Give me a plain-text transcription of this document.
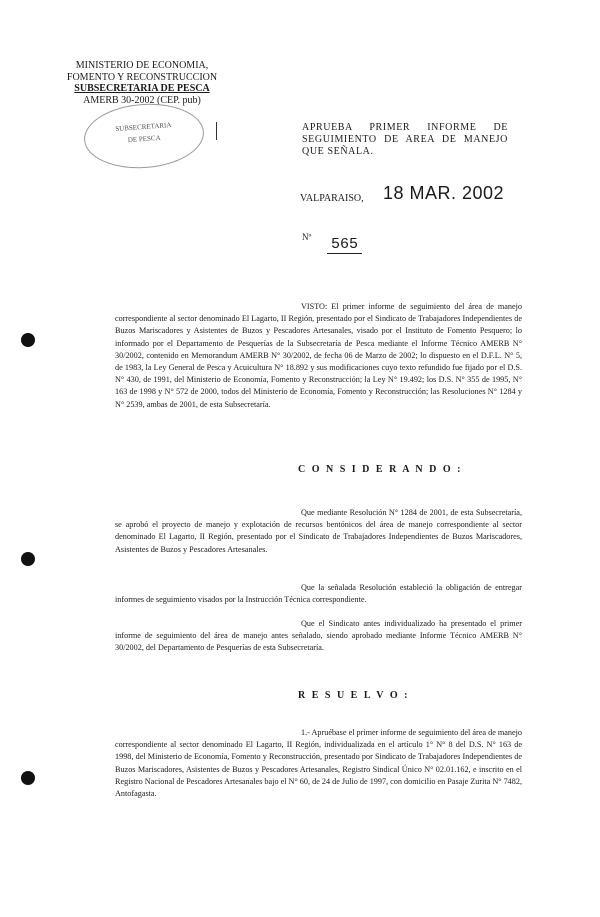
MINISTERIO DE ECONOMIA,
FOMENTO Y RECONSTRUCCION
SUBSECRETARIA DE PESCA
AMERB 30-2002 (CEP. pub)
SUBSECRETARIA
DE PESCA
APRUEBA PRIMER INFORME DE SEGUIMIENTO DE AREA DE MANEJO QUE SEÑALA.
VALPARAISO, 18 MAR. 2002
Nº 565
VISTO: El primer informe de seguimiento del área de manejo correspondiente al sector denominado El Lagarto, II Región, presentado por el Sindicato de Trabajadores Independientes de Buzos Mariscadores y Asistentes de Buzos y Pescadores Artesanales, visado por el Instituto de Fomento Pesquero; lo informado por el Departamento de Pesquerías de la Subsecretaría de Pesca mediante el Informe Técnico AMERB N° 30/2002, contenido en Memorandum AMERB N° 30/2002, de fecha 06 de Marzo de 2002; lo dispuesto en el D.F.L. N° 5, de 1983, la Ley General de Pesca y Acuicultura N° 18.892 y sus modificaciones cuyo texto refundido fue fijado por el D.S. N° 430, de 1991, del Ministerio de Economía, Fomento y Reconstrucción; la Ley N° 19.492; los D.S. N° 355 de 1995, N° 163 de 1998 y N° 572 de 2000, todos del Ministerio de Economía, Fomento y Reconstrucción; las Resoluciones N° 1284 y N° 2539, ambas de 2001, de esta Subsecretaría.
C O N S I D E R A N D O :
Que mediante Resolución N° 1284 de 2001, de esta Subsecretaría, se aprobó el proyecto de manejo y explotación de recursos bentónicos del área de manejo correspondiente al sector denominado El Lagarto, II Región, presentado por el Sindicato de Trabajadores Independientes de Buzos Mariscadores, Asistentes de Buzos y Pescadores Artesanales.
Que la señalada Resolución estableció la obligación de entregar informes de seguimiento visados por la Instrucción Técnica correspondiente.
Que el Sindicato antes individualizado ha presentado el primer informe de seguimiento del área de manejo antes señalado, siendo aprobado mediante Informe Técnico AMERB N° 30/2002, del Departamento de Pesquerías de esta Subsecretaría.
R E S U E L V O :
1.- Apruébase el primer informe de seguimiento del área de manejo correspondiente al sector denominado El Lagarto, II Región, individualizada en el artículo 1° N° 8 del D.S. N° 163 de 1998, del Ministerio de Economía, Fomento y Reconstrucción, presentado por Sindicato de Trabajadores Independientes de Buzos Mariscadores, Asistentes de Buzos y Pescadores Artesanales, Registro Sindical Único N° 02.01.162, e inscrito en el Registro Nacional de Pescadores Artesanales bajo el N° 60, de 24 de Julio de 1997, con domicilio en Pasaje Zurita N° 7482, Antofagasta.
